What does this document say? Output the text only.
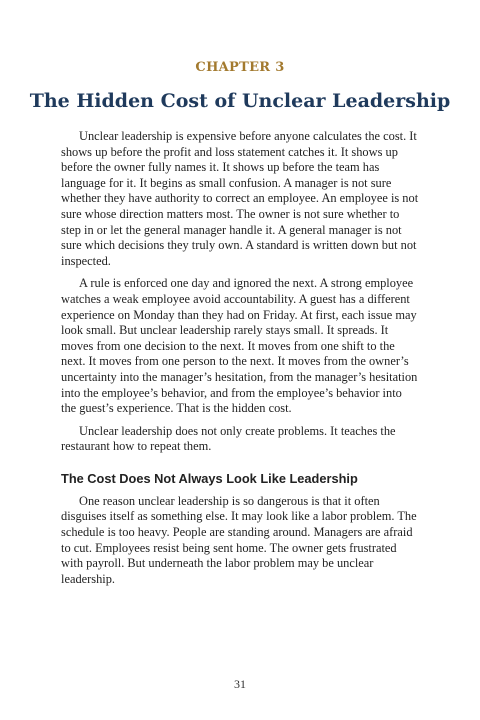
CHAPTER 3
The Hidden Cost of Unclear Leadership

Unclear leadership is expensive before anyone calculates the cost. It shows up before the profit and loss statement catches it. It shows up before the owner fully names it. It shows up before the team has language for it. It begins as small confusion. A manager is not sure whether they have authority to correct an employee. An employee is not sure whose direction matters most. The owner is not sure whether to step in or let the general manager handle it. A general manager is not sure which decisions they truly own. A standard is written down but not inspected.

A rule is enforced one day and ignored the next. A strong employee watches a weak employee avoid accountability. A guest has a different experience on Monday than they had on Friday. At first, each issue may look small. But unclear leadership rarely stays small. It spreads. It moves from one decision to the next. It moves from one shift to the next. It moves from one person to the next. It moves from the owner’s uncertainty into the manager’s hesitation, from the manager’s hesitation into the employee’s behavior, and from the employee’s behavior into the guest’s experience. That is the hidden cost.

Unclear leadership does not only create problems. It teaches the restaurant how to repeat them.

The Cost Does Not Always Look Like Leadership

One reason unclear leadership is so dangerous is that it often disguises itself as something else. It may look like a labor problem. The schedule is too heavy. People are standing around. Managers are afraid to cut. Employees resist being sent home. The owner gets frustrated with payroll. But underneath the labor problem may be unclear leadership.

31
